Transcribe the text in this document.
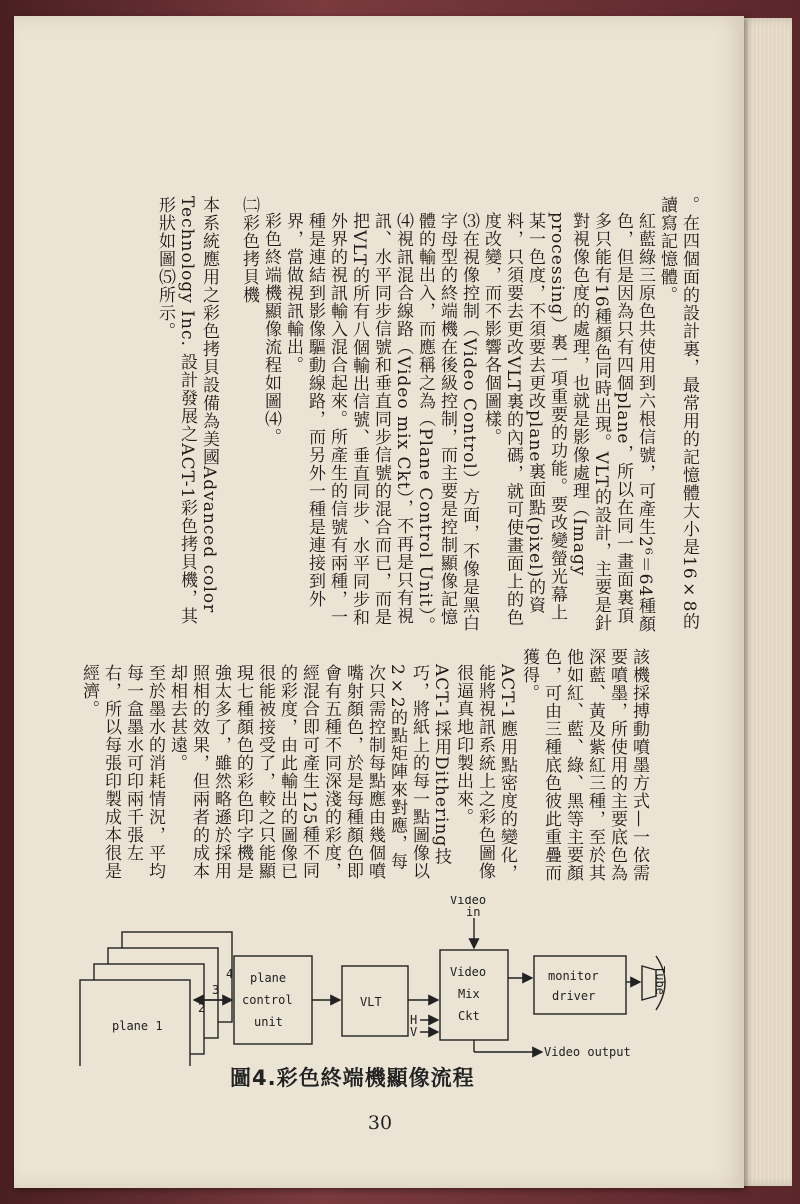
。在四個面的設計裏，最常用的記憶體大小是16×8的讀寫記憶體。

紅藍綠三原色共使用到六根信號，可產生2⁶＝64種顏色，但是因為只有四個plane，所以在同一畫面裏頂多只能有16種顏色同時出現。VLT的設計，主要是針對視像色度的處理，也就是影像處理（Imagy processing）裏一項重要的功能。要改變螢光幕上某一色度，不須要去更改plane裏面點(pixel)的資料，只須要去更改VLT裏的內碼，就可使畫面上的色度改變，而不影響各個圖樣。

⑶在視像控制（Video Control）方面，不像是黑白字母型的終端機在後級控制，而主要是控制顯像記憶體的輸出入，而應稱之為（Plane Control Unit）。

⑷視訊混合線路（Video mix Ckt），不再是只有視訊、水平同步信號和垂直同步信號的混合而已，而是把VLT的所有八個輸出信號、垂直同步、水平同步和外界的視訊輸入混合起來。所產生的信號有兩種，一種是連結到影像驅動線路，而另外一種是連接到外界，當做視訊輸出。

彩色終端機顯像流程如圖⑷。

㈡彩色拷貝機

本系統應用之彩色拷貝設備為美國Advanced color Technology Inc. 設計發展之ACT-1彩色拷貝機，其形狀如圖⑸所示。

該機採搏動噴墨方式—一依需要噴墨，所使用的主要底色為深藍、黃及紫紅三種，至於其他如紅、藍、綠、黑等主要顏色，可由三種底色彼此重疊而獲得。

ACT-1應用點密度的變化，能將視訊系統上之彩色圖像很逼真地印製出來。

ACT-1採用Dithering技巧，將紙上的每一點圖像以2×2的點矩陣來對應，每次只需控制每點應由幾個噴嘴射顏色，於是每種顏色即會有五種不同深淺的彩度，經混合即可產生125種不同的彩度，由此輸出的圖像已很能被接受了，較之只能顯現七種顏色的彩色印字機是強太多了，雖然略遜於採用照相的效果，但兩者的成本却相去甚遠。

至於墨水的消耗情況，平均每一盒墨水可印兩千張左右，所以每張印製成本很是經濟。

Video
in
plane 1
2
3
4 plane
control
unit
VLT
Video
Mix
Ckt
H
V
monitor
driver
Tube
Video output
圖4.彩色終端機顯像流程
30
